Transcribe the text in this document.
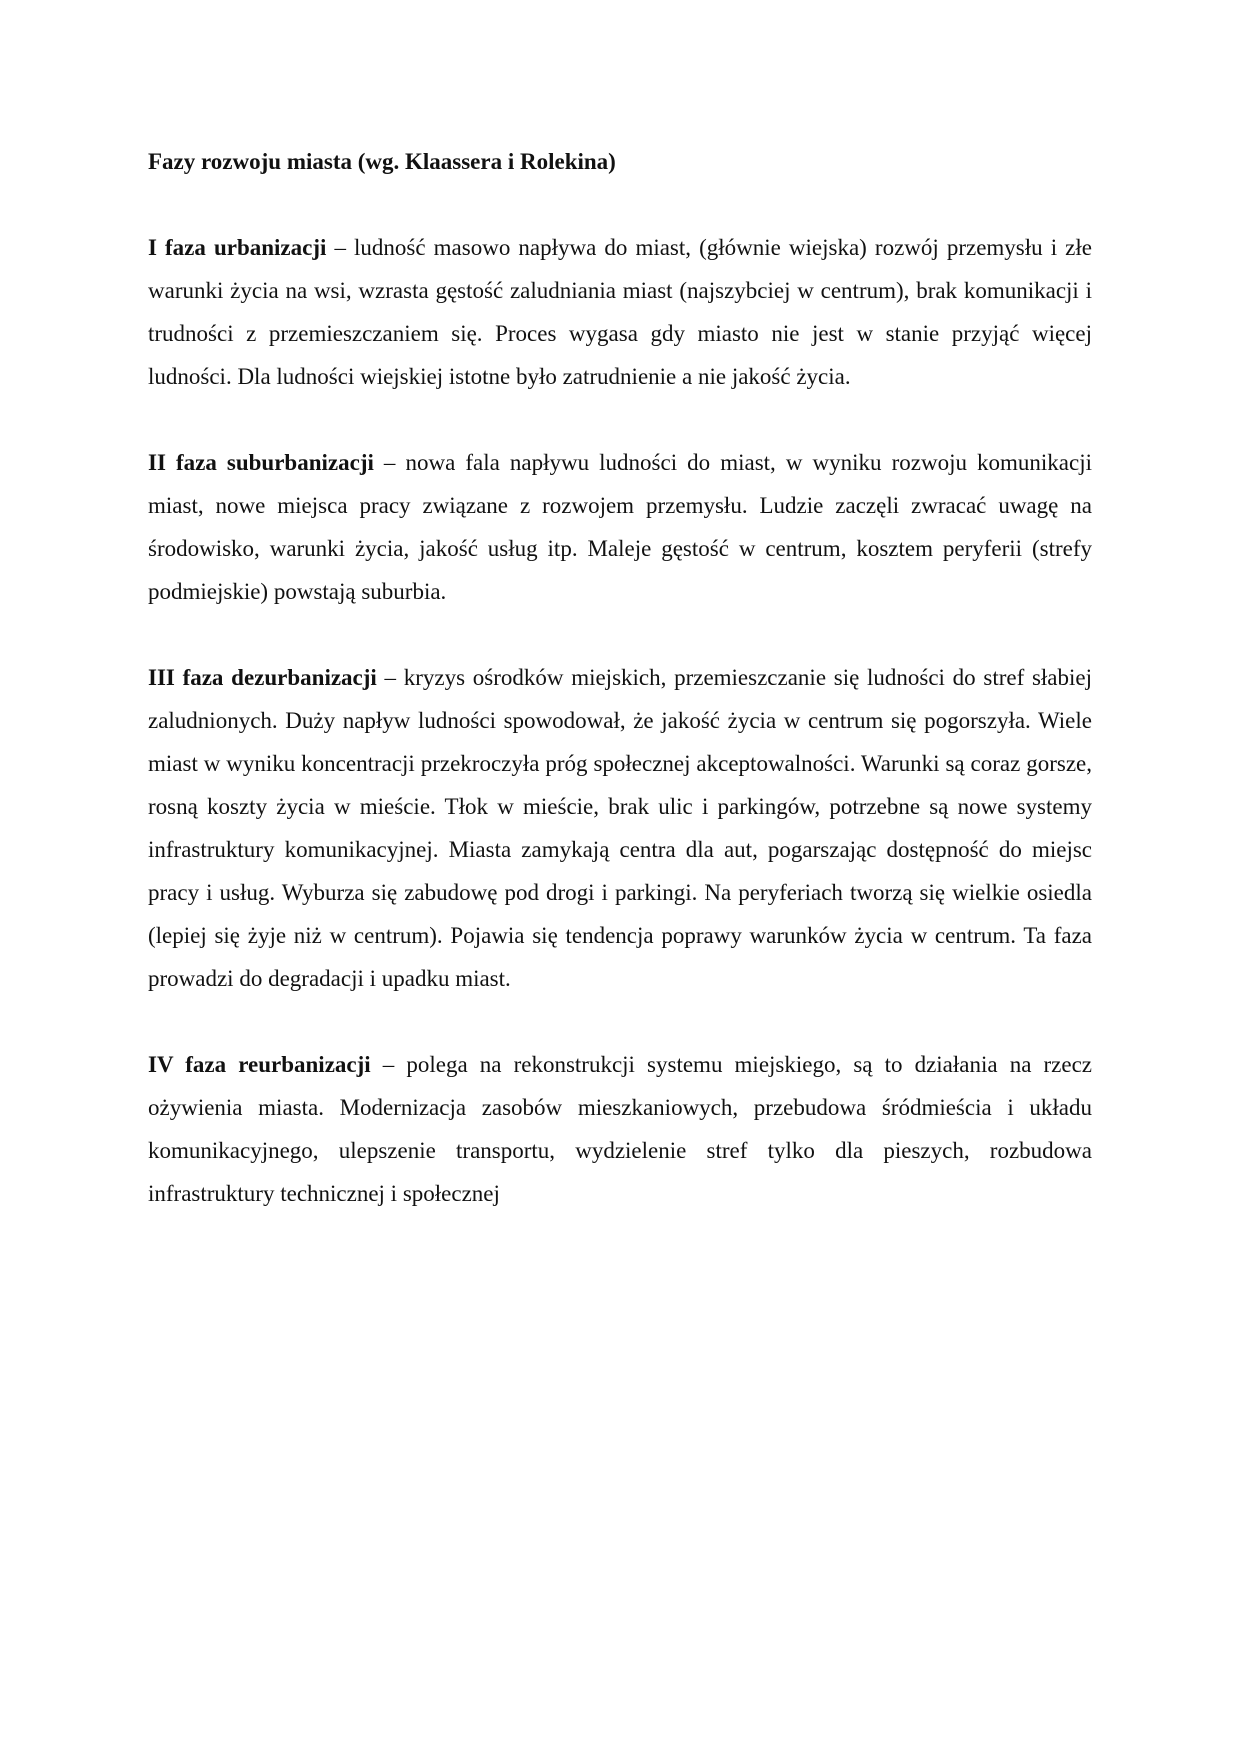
Fazy rozwoju miasta (wg. Klaassera i Rolekina)

I faza urbanizacji – ludność masowo napływa do miast, (głównie wiejska) rozwój przemysłu i złe warunki życia na wsi, wzrasta gęstość zaludniania miast (najszybciej w centrum), brak komunikacji i trudności z przemieszczaniem się. Proces wygasa gdy miasto nie jest w stanie przyjąć więcej ludności. Dla ludności wiejskiej istotne było zatrudnienie a nie jakość życia.

II faza suburbanizacji – nowa fala napływu ludności do miast, w wyniku rozwoju komunikacji miast, nowe miejsca pracy związane z rozwojem przemysłu. Ludzie zaczęli zwracać uwagę na środowisko, warunki życia, jakość usług itp. Maleje gęstość w centrum, kosztem peryferii (strefy podmiejskie) powstają suburbia.

III faza dezurbanizacji – kryzys ośrodków miejskich, przemieszczanie się ludności do stref słabiej zaludnionych. Duży napływ ludności spowodował, że jakość życia w centrum się pogorszyła. Wiele miast w wyniku koncentracji przekroczyła próg społecznej akceptowalności. Warunki są coraz gorsze, rosną koszty życia w mieście. Tłok w mieście, brak ulic i parkingów, potrzebne są nowe systemy infrastruktury komunikacyjnej. Miasta zamykają centra dla aut, pogarszając dostępność do miejsc pracy i usług. Wyburza się zabudowę pod drogi i parkingi. Na peryferiach tworzą się wielkie osiedla (lepiej się żyje niż w centrum). Pojawia się tendencja poprawy warunków życia w centrum. Ta faza prowadzi do degradacji i upadku miast.

IV faza reurbanizacji – polega na rekonstrukcji systemu miejskiego, są to działania na rzecz ożywienia miasta. Modernizacja zasobów mieszkaniowych, przebudowa śródmieścia i układu komunikacyjnego, ulepszenie transportu, wydzielenie stref tylko dla pieszych, rozbudowa infrastruktury technicznej i społecznej
